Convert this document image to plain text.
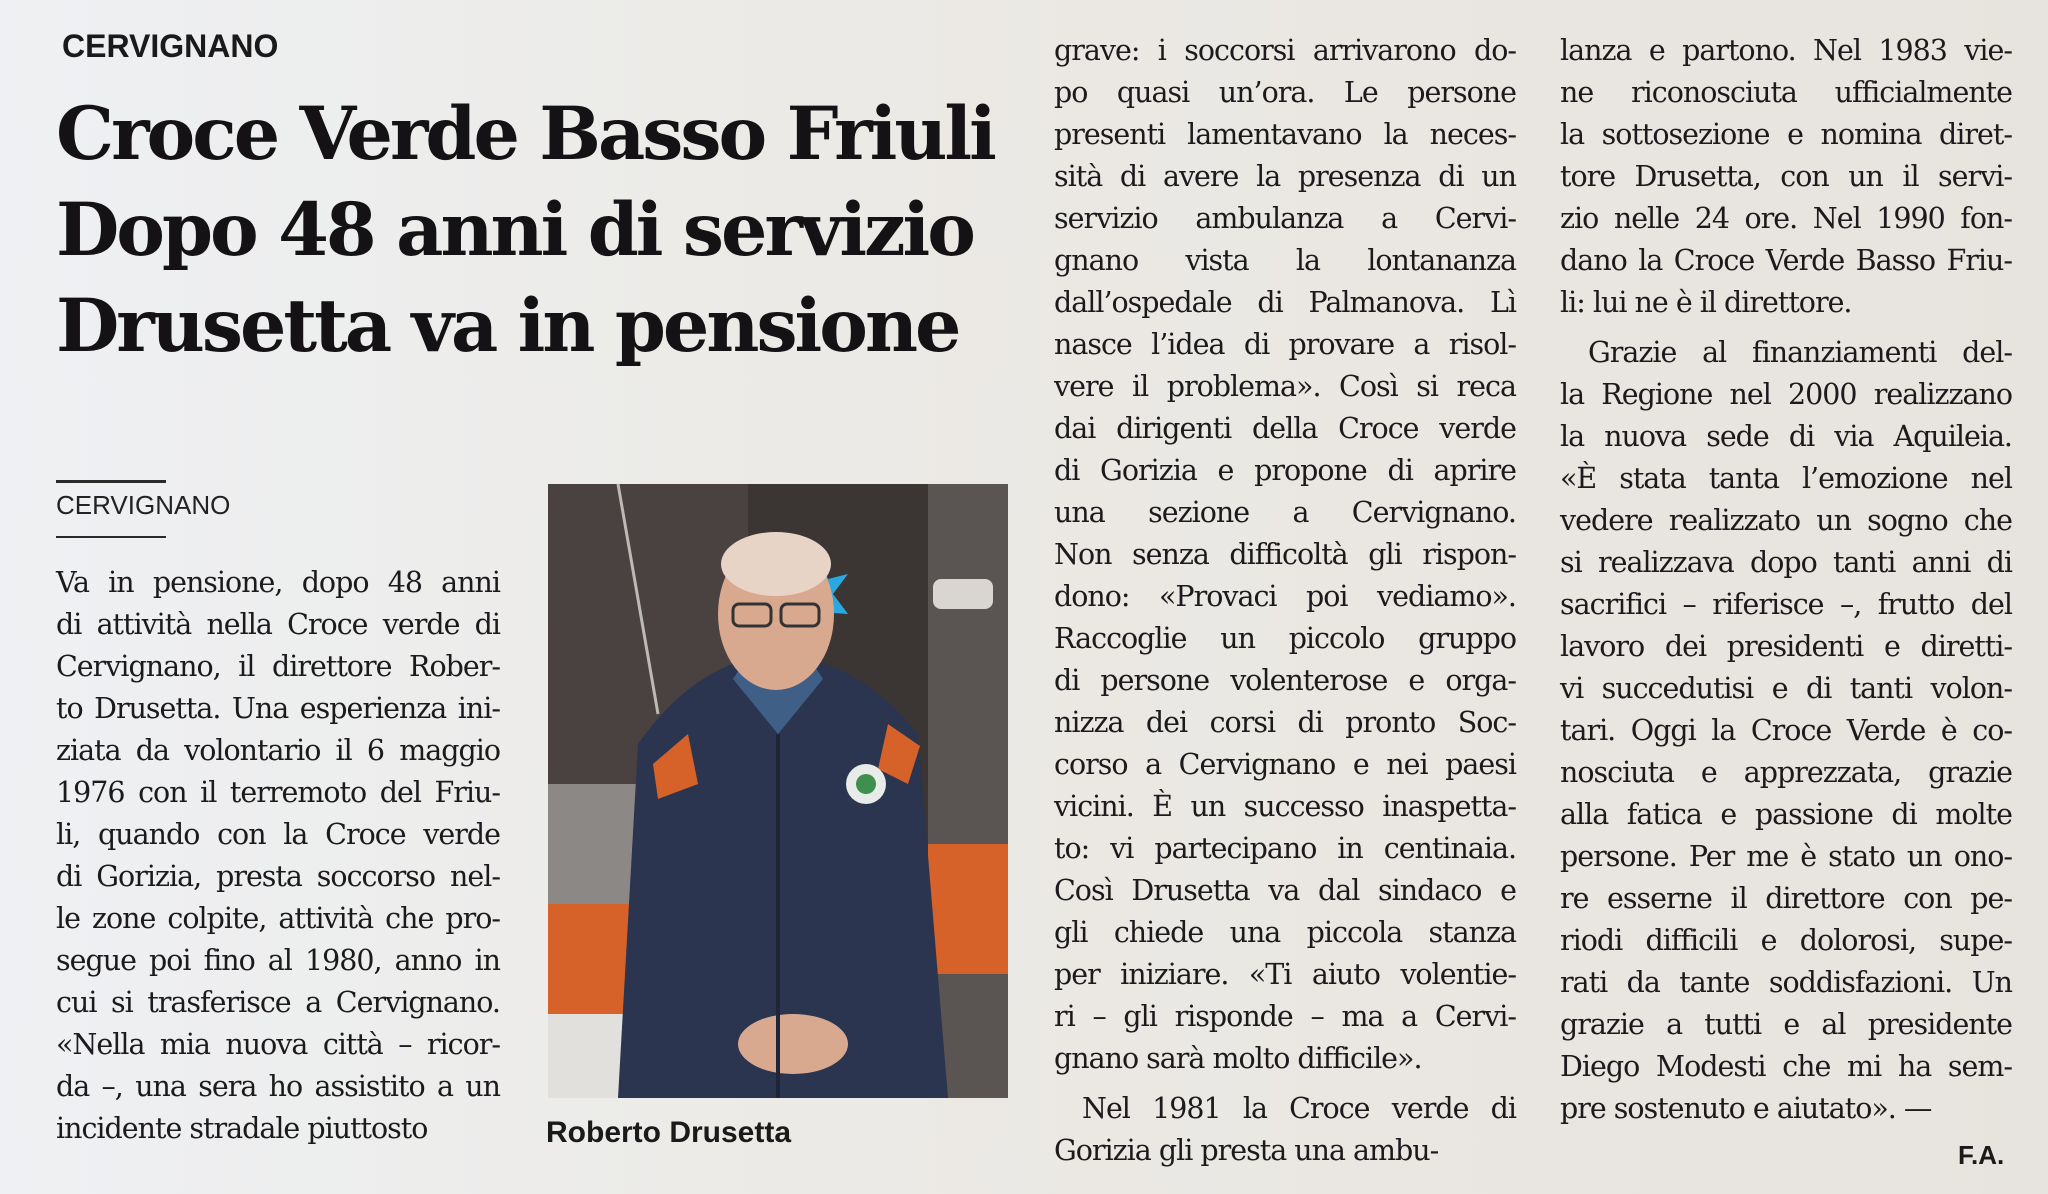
CERVIGNANO
Croce Verde Basso Friuli
Dopo 48 anni di servizio
Drusetta va in pensione
CERVIGNANO
Va in pensione, dopo 48 anni
di attività nella Croce verde di
Cervignano, il direttore Rober-
to Drusetta. Una esperienza ini-
ziata da volontario il 6 maggio
1976 con il terremoto del Friu-
li, quando con la Croce verde
di Gorizia, presta soccorso nel-
le zone colpite, attività che pro-
segue poi fino al 1980, anno in
cui si trasferisce a Cervignano.
«Nella mia nuova città – ricor-
da –, una sera ho assistito a un
incidente stradale piuttosto	Roberto Drusetta
grave: i soccorsi arrivarono do-
po quasi un’ora. Le persone
presenti lamentavano la neces-
sità di avere la presenza di un
servizio ambulanza a Cervi-
gnano vista la lontananza
dall’ospedale di Palmanova. Lì
nasce l’idea di provare a risol-
vere il problema». Così si reca
dai dirigenti della Croce verde
di Gorizia e propone di aprire
una sezione a Cervignano.
Non senza difficoltà gli rispon-
dono: «Provaci poi vediamo».
Raccoglie un piccolo gruppo
di persone volenterose e orga-
nizza dei corsi di pronto Soc-
corso a Cervignano e nei paesi
vicini. È un successo inaspetta-
to: vi partecipano in centinaia.
Così Drusetta va dal sindaco e
gli chiede una piccola stanza
per iniziare. «Ti aiuto volentie-
ri – gli risponde – ma a Cervi-
gnano sarà molto difficile».
Nel 1981 la Croce verde di
Gorizia gli presta una ambu-
lanza e partono. Nel 1983 vie-
ne riconosciuta ufficialmente
la sottosezione e nomina diret-
tore Drusetta, con un il servi-
zio nelle 24 ore. Nel 1990 fon-
dano la Croce Verde Basso Friu-
li: lui ne è il direttore.
Grazie al finanziamenti del-
la Regione nel 2000 realizzano
la nuova sede di via Aquileia.
«È stata tanta l’emozione nel
vedere realizzato un sogno che
si realizzava dopo tanti anni di
sacrifici – riferisce –, frutto del
lavoro dei presidenti e diretti-
vi succedutisi e di tanti volon-
tari. Oggi la Croce Verde è co-
nosciuta e apprezzata, grazie
alla fatica e passione di molte
persone. Per me è stato un ono-
re esserne il direttore con pe-
riodi difficili e dolorosi, supe-
rati da tante soddisfazioni. Un
grazie a tutti e al presidente
Diego Modesti che mi ha sem-
pre sostenuto e aiutato». —
F.A.
